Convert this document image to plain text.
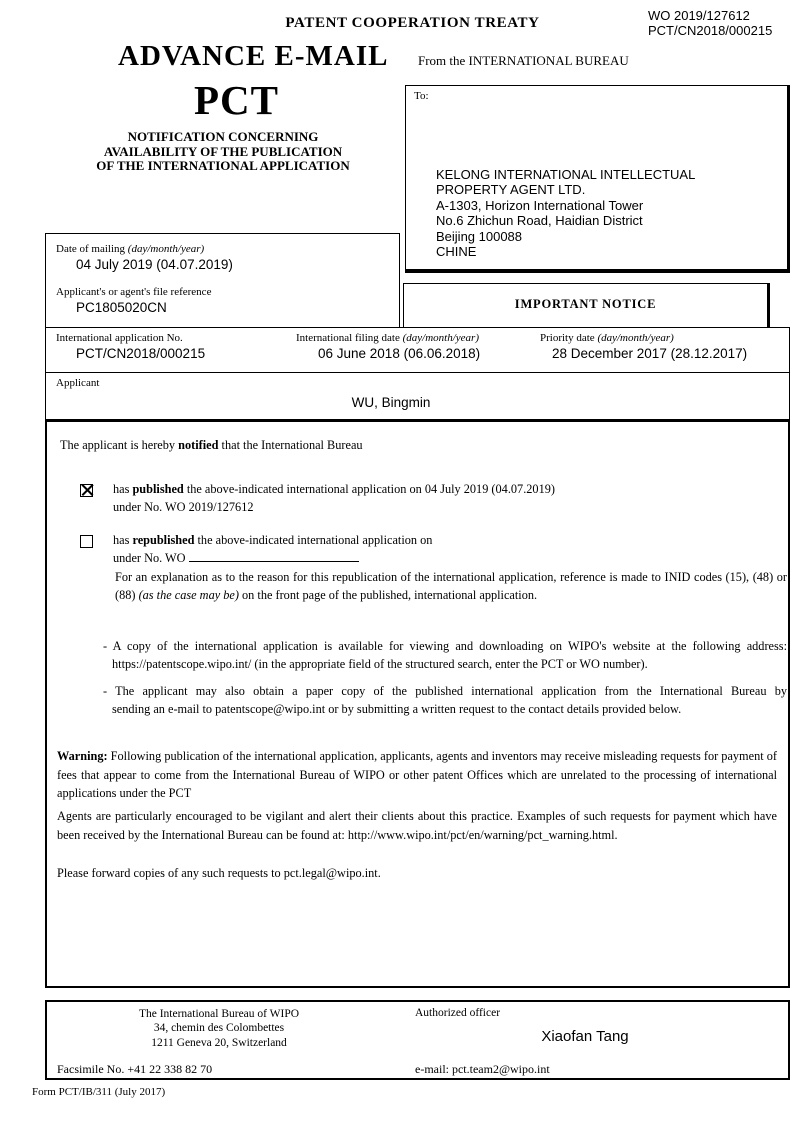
PATENT COOPERATION TREATY	WO 2019/127612
PCT/CN2018/000215
ADVANCE E-MAIL From the INTERNATIONAL BUREAU
PCT
NOTIFICATION CONCERNING
AVAILABILITY OF THE PUBLICATION
OF THE INTERNATIONAL APPLICATION
To:
KELONG INTERNATIONAL INTELLECTUAL
PROPERTY AGENT LTD.
A-1303, Horizon International Tower
No.6 Zhichun Road, Haidian District
Beijing 100088
CHINE
Date of mailing (day/month/year)
04 July 2019 (04.07.2019)
Applicant's or agent's file reference
PC1805020CN	IMPORTANT NOTICE
International application No.
PCT/CN2018/000215
International filing date (day/month/year)
06 June 2018 (06.06.2018)
Priority date (day/month/year)
28 December 2017 (28.12.2017)
Applicant
WU, Bingmin
The applicant is hereby notified that the International Bureau
has published the above-indicated international application on 04 July 2019 (04.07.2019)
under No. WO 2019/127612
has republished the above-indicated international application on
under No. WO
For an explanation as to the reason for this republication of the international application, reference is made to INID codes (15), (48) or (88) (as the case may be) on the front page of the published, international application.
- A copy of the international application is available for viewing and downloading on WIPO's website at the following address:
https://patentscope.wipo.int/ (in the appropriate field of the structured search, enter the PCT or WO number).
- The applicant may also obtain a paper copy of the published international application from the International Bureau by
sending an e-mail to patentscope@wipo.int or by submitting a written request to the contact details provided below.
Warning: Following publication of the international application, applicants, agents and inventors may receive misleading requests for payment of fees that appear to come from the International Bureau of WIPO or other patent Offices which are unrelated to the processing of international applications under the PCT
Agents are particularly encouraged to be vigilant and alert their clients about this practice. Examples of such requests for payment which have been received by the International Bureau can be found at: http://www.wipo.int/pct/en/warning/pct_warning.html.
Please forward copies of any such requests to pct.legal@wipo.int.
The International Bureau of WIPO
34, chemin des Colombettes
1211 Geneva 20, Switzerland
Authorized officer
Xiaofan Tang
Facsimile No. +41 22 338 82 70	e-mail: pct.team2@wipo.int
Form PCT/IB/311 (July 2017)
